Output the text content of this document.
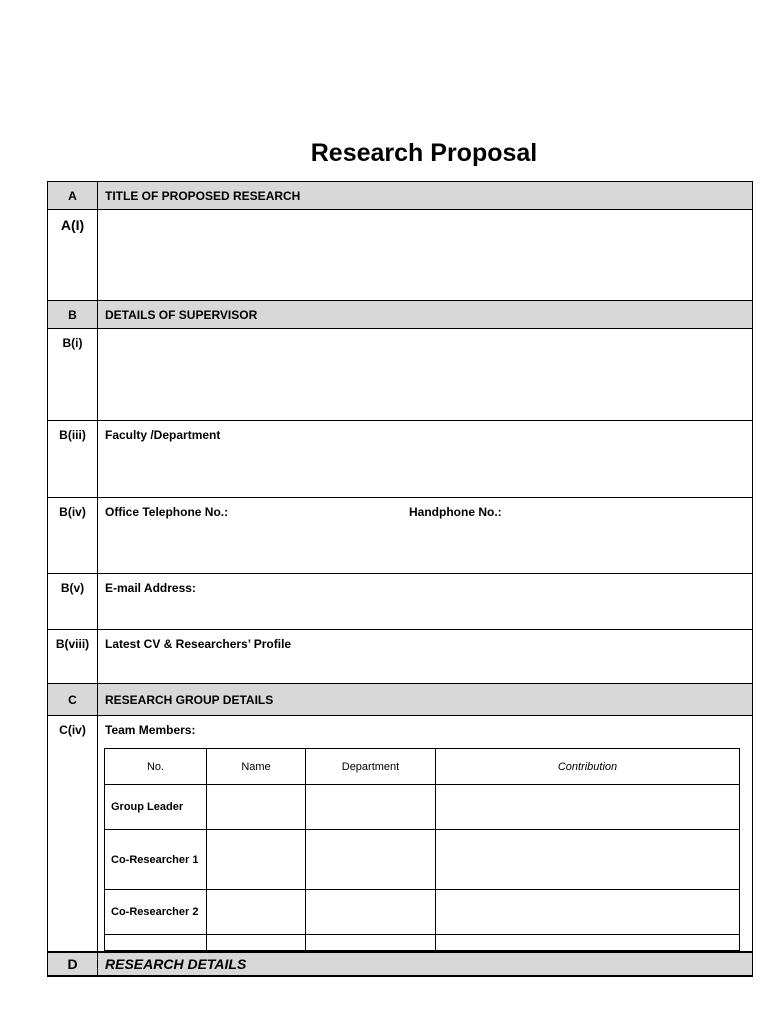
Research Proposal
A	TITLE OF PROPOSED RESEARCH
A(I)
B	DETAILS OF SUPERVISOR
B(i)
B(iii)	Faculty /Department
B(iv)	Office Telephone No.:	Handphone No.:
B(v)	E-mail Address:
B(viii)	Latest CV & Researchers’ Profile
C	RESEARCH GROUP DETAILS
C(iv)	Team Members:
No.	Name	Department	Contribution
Group Leader
Co-Researcher 1
Co-Researcher 2
D	RESEARCH DETAILS
